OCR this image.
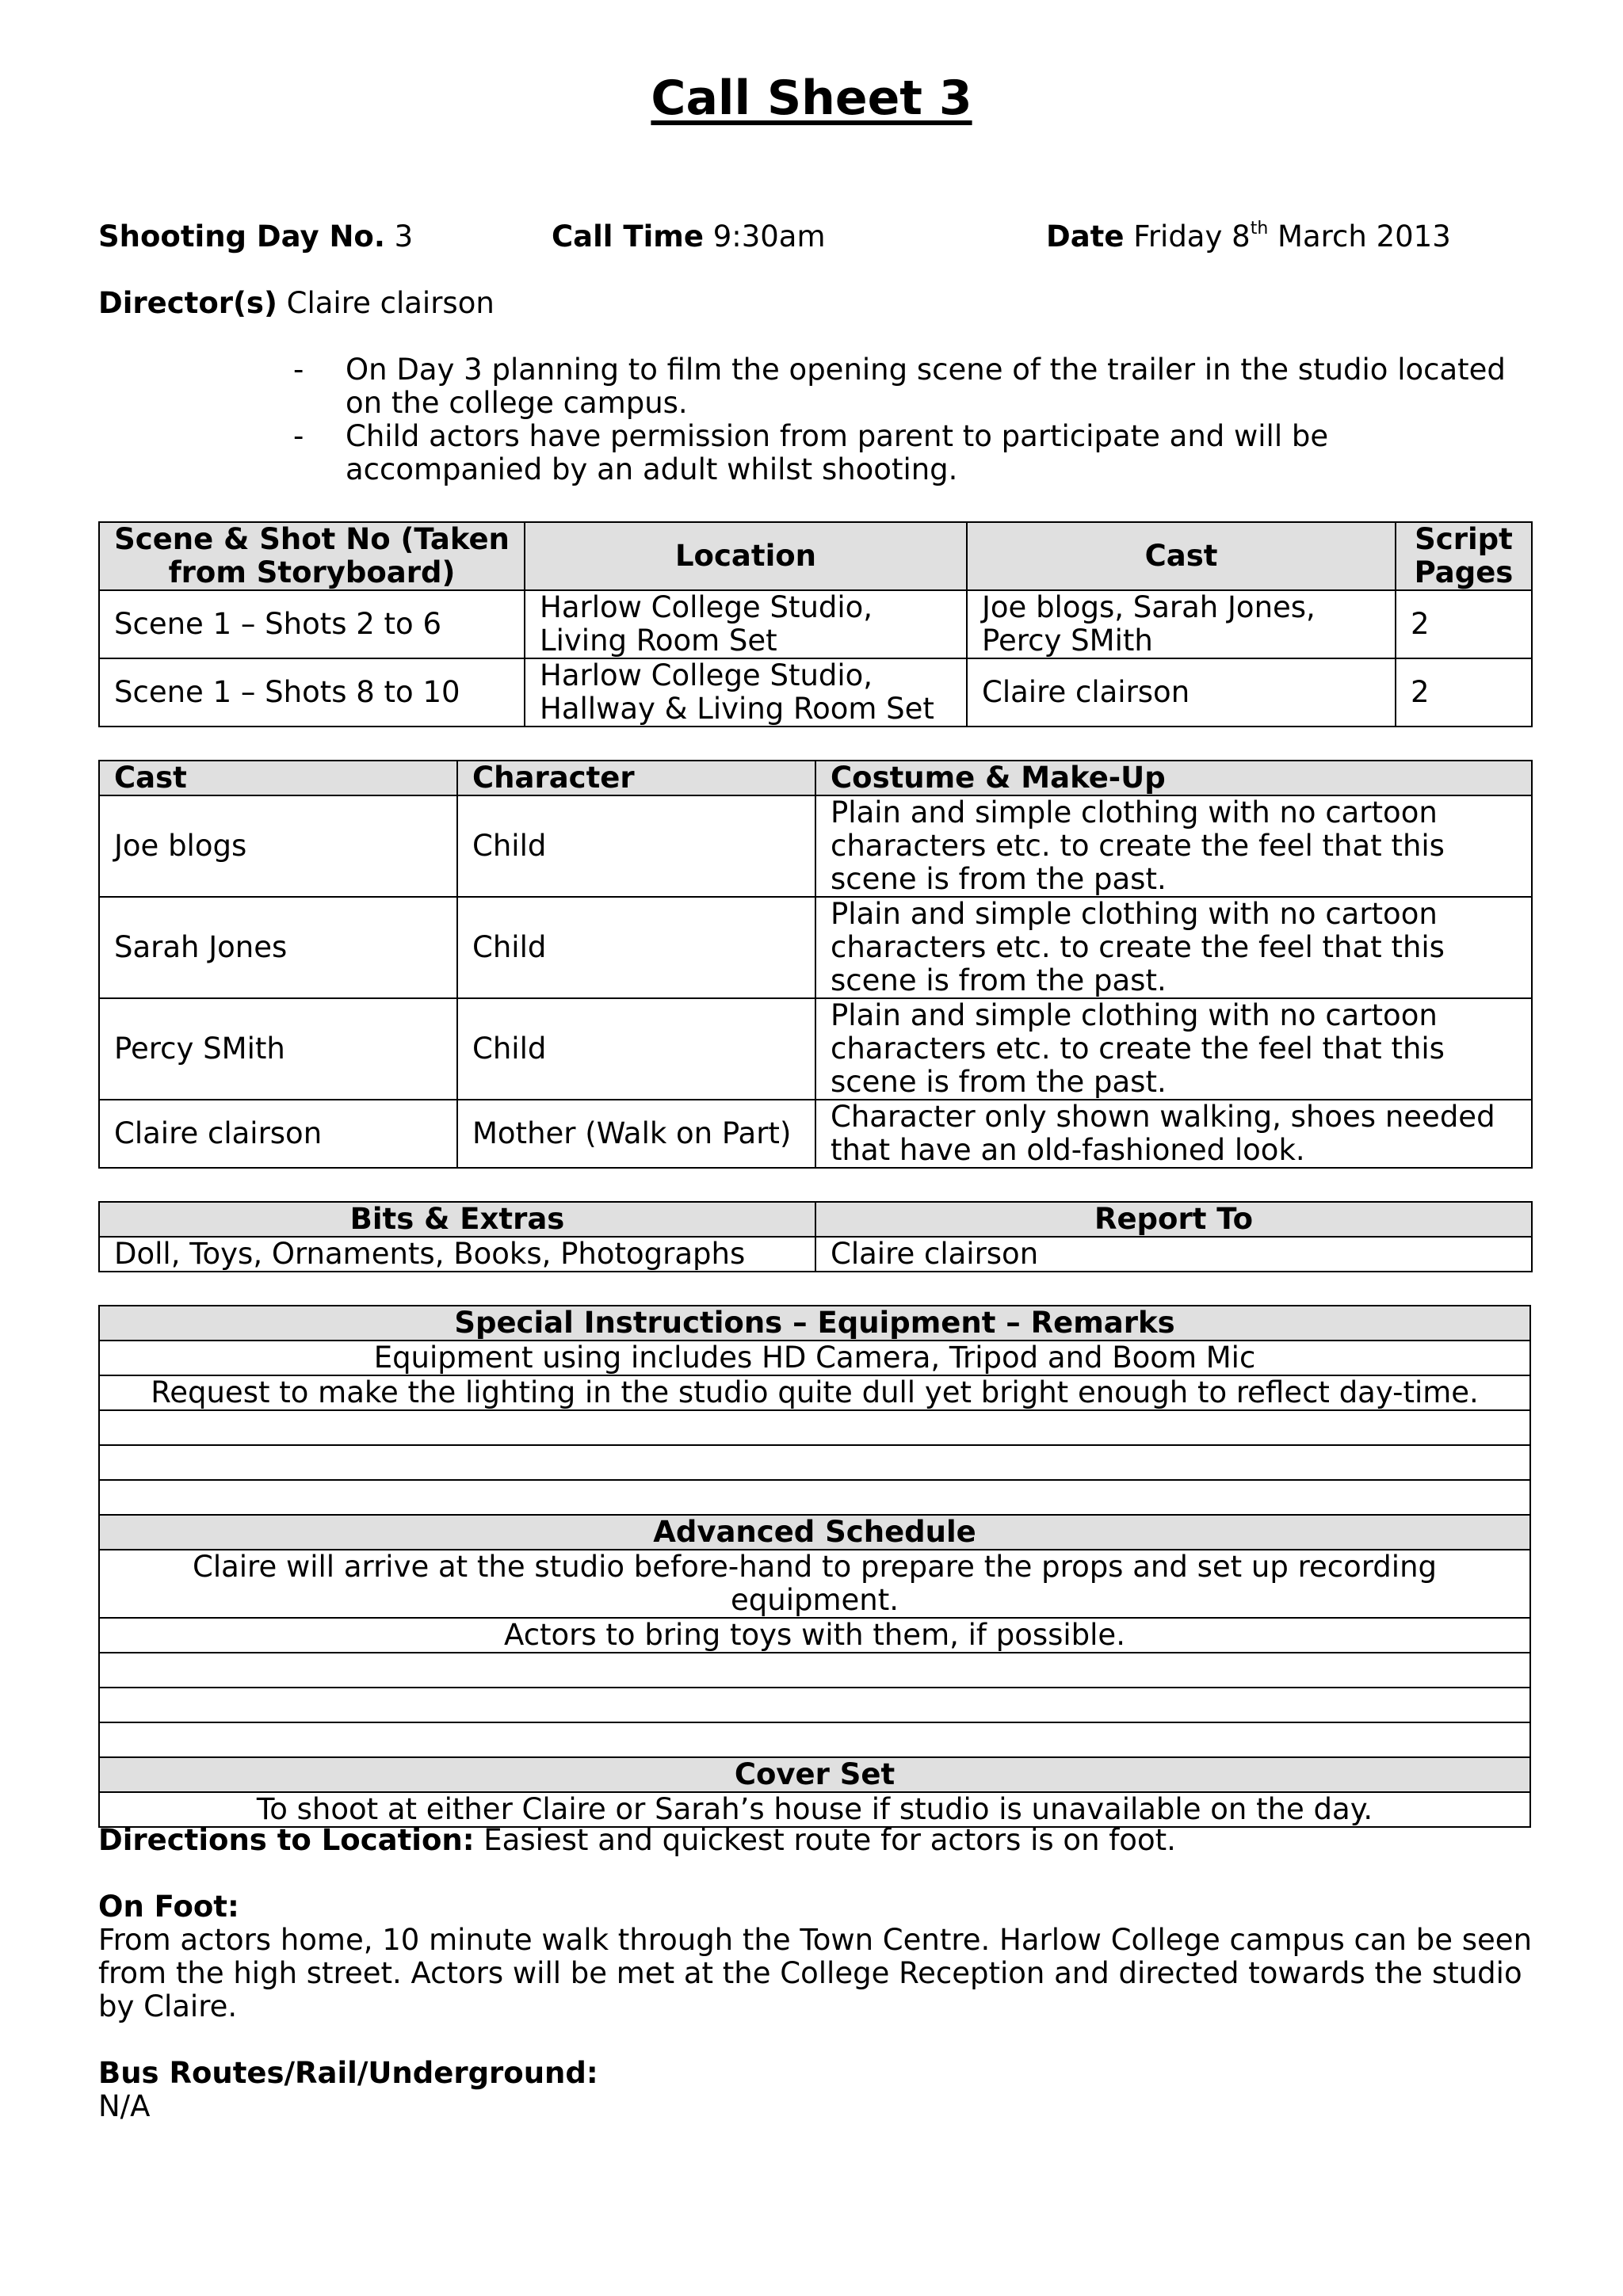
Call Sheet 3
Shooting Day No. 3	Call Time 9:30am	Date Friday 8th March 2013
Director(s) Claire clairson
- On Day 3 planning to film the opening scene of the trailer in the studio located on the college campus.
- Child actors have permission from parent to participate and will be accompanied by an adult whilst shooting.
Scene & Shot No (Taken from Storyboard)	Location	Cast	Script Pages
Scene 1 – Shots 2 to 6	Harlow College Studio, Living Room Set	Joe blogs, Sarah Jones, Percy SMith	2
Scene 1 – Shots 8 to 10	Harlow College Studio, Hallway & Living Room Set	Claire clairson	2
Cast	Character	Costume & Make-Up
Joe blogs	Child	Plain and simple clothing with no cartoon characters etc. to create the feel that this scene is from the past.
Sarah Jones	Child	Plain and simple clothing with no cartoon characters etc. to create the feel that this scene is from the past.
Percy SMith	Child	Plain and simple clothing with no cartoon characters etc. to create the feel that this scene is from the past.
Claire clairson	Mother (Walk on Part)	Character only shown walking, shoes needed that have an old-fashioned look.
Bits & Extras	Report To
Doll, Toys, Ornaments, Books, Photographs	Claire clairson
Special Instructions – Equipment – Remarks
Equipment using includes HD Camera, Tripod and Boom Mic
Request to make the lighting in the studio quite dull yet bright enough to reflect day-time.

Advanced Schedule
Claire will arrive at the studio before-hand to prepare the props and set up recording equipment.
Actors to bring toys with them, if possible.

Cover Set
To shoot at either Claire or Sarah’s house if studio is unavailable on the day.
Directions to Location: Easiest and quickest route for actors is on foot.
On Foot:
From actors home, 10 minute walk through the Town Centre. Harlow College campus can be seen from the high street. Actors will be met at the College Reception and directed towards the studio by Claire.
Bus Routes/Rail/Underground:
N/A
